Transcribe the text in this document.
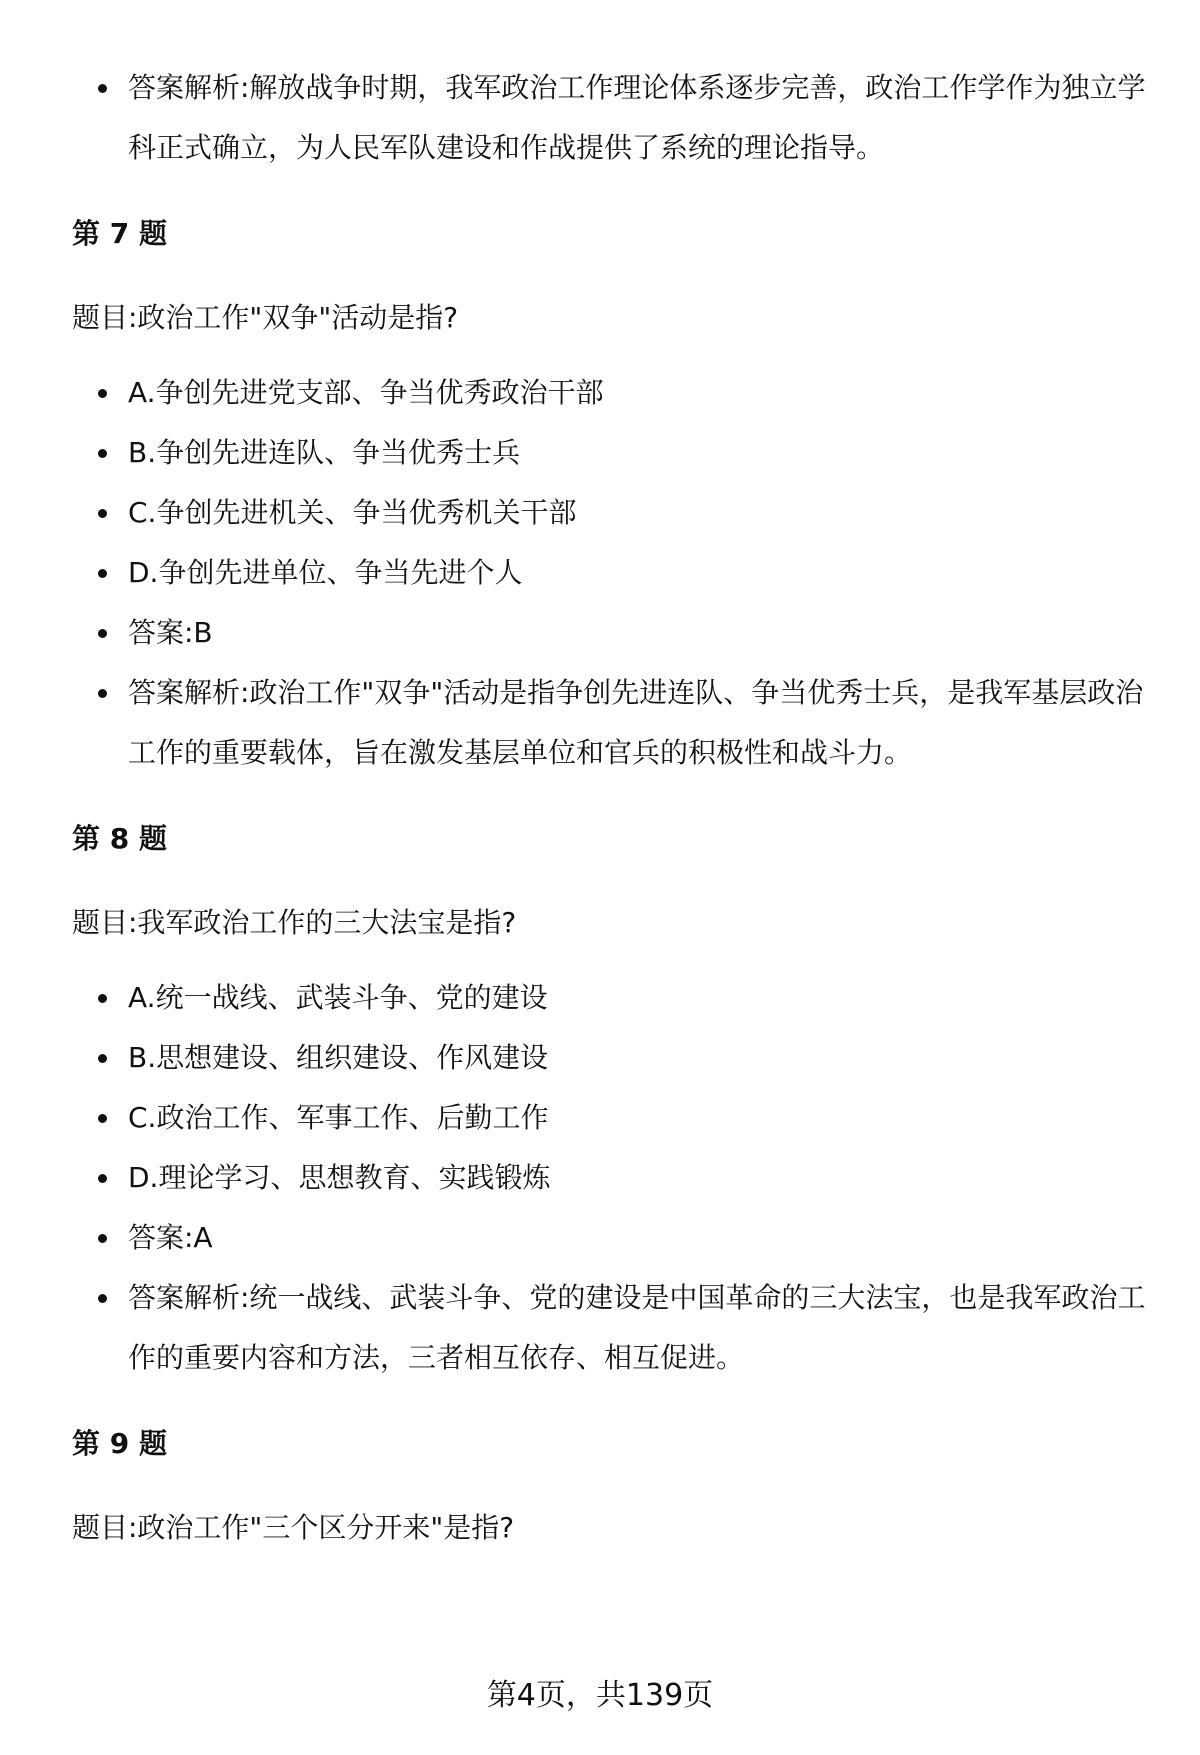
答案解析:解放战争时期，我军政治工作理论体系逐步完善，政治工作学作为独立学科正式确立，为人民军队建设和作战提供了系统的理论指导。
第 7 题
题目:政治工作"双争"活动是指?
A.争创先进党支部、争当优秀政治干部
B.争创先进连队、争当优秀士兵
C.争创先进机关、争当优秀机关干部
D.争创先进单位、争当先进个人
答案:B
答案解析:政治工作"双争"活动是指争创先进连队、争当优秀士兵，是我军基层政治工作的重要载体，旨在激发基层单位和官兵的积极性和战斗力。
第 8 题
题目:我军政治工作的三大法宝是指?
A.统一战线、武装斗争、党的建设
B.思想建设、组织建设、作风建设
C.政治工作、军事工作、后勤工作
D.理论学习、思想教育、实践锻炼
答案:A
答案解析:统一战线、武装斗争、党的建设是中国革命的三大法宝，也是我军政治工作的重要内容和方法，三者相互依存、相互促进。
第 9 题
题目:政治工作"三个区分开来"是指?
第4页，共139页
